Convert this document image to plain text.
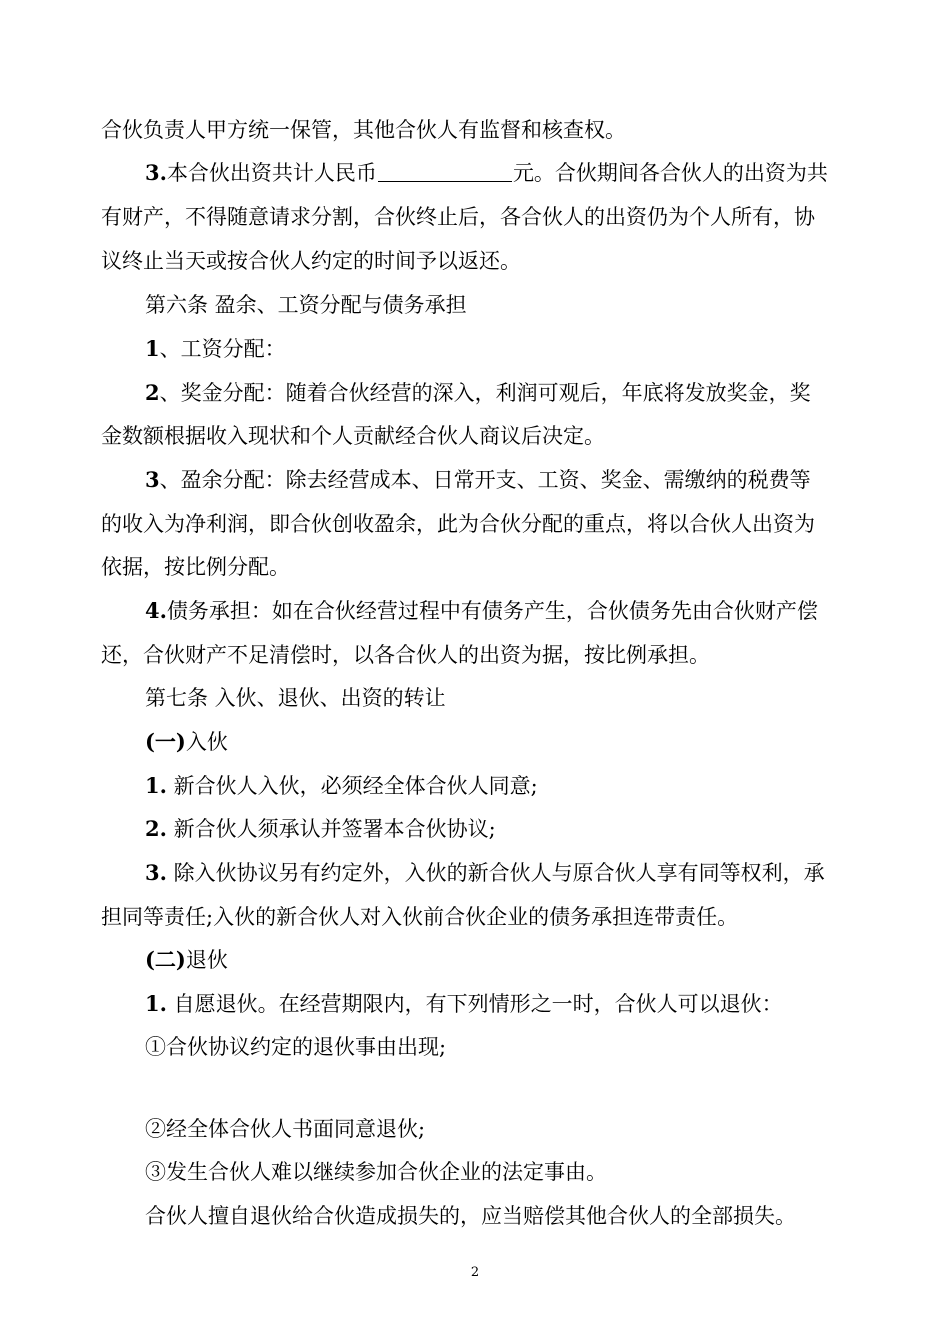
合伙负责人甲方统一保管，其他合伙人有监督和核查权。

3.本合伙出资共计人民币	元。合伙期间各合伙人的出资为共

有财产，不得随意请求分割，合伙终止后，各合伙人的出资仍为个人所有，协

议终止当天或按合伙人约定的时间予以返还。

第六条 盈余、工资分配与债务承担

1、工资分配：

2、奖金分配：随着合伙经营的深入，利润可观后，年底将发放奖金，奖

金数额根据收入现状和个人贡献经合伙人商议后决定。

3、盈余分配：除去经营成本、日常开支、工资、奖金、需缴纳的税费等

的收入为净利润，即合伙创收盈余，此为合伙分配的重点，将以合伙人出资为

依据，按比例分配。

4.债务承担：如在合伙经营过程中有债务产生，合伙债务先由合伙财产偿

还，合伙财产不足清偿时，以各合伙人的出资为据，按比例承担。

第七条 入伙、退伙、出资的转让

(一)入伙

1. 新合伙人入伙，必须经全体合伙人同意;

2. 新合伙人须承认并签署本合伙协议;

3. 除入伙协议另有约定外，入伙的新合伙人与原合伙人享有同等权利，承

担同等责任;入伙的新合伙人对入伙前合伙企业的债务承担连带责任。

(二)退伙

1. 自愿退伙。在经营期限内，有下列情形之一时，合伙人可以退伙：

①合伙协议约定的退伙事由出现;

②经全体合伙人书面同意退伙;

③发生合伙人难以继续参加合伙企业的法定事由。

合伙人擅自退伙给合伙造成损失的，应当赔偿其他合伙人的全部损失。

2
